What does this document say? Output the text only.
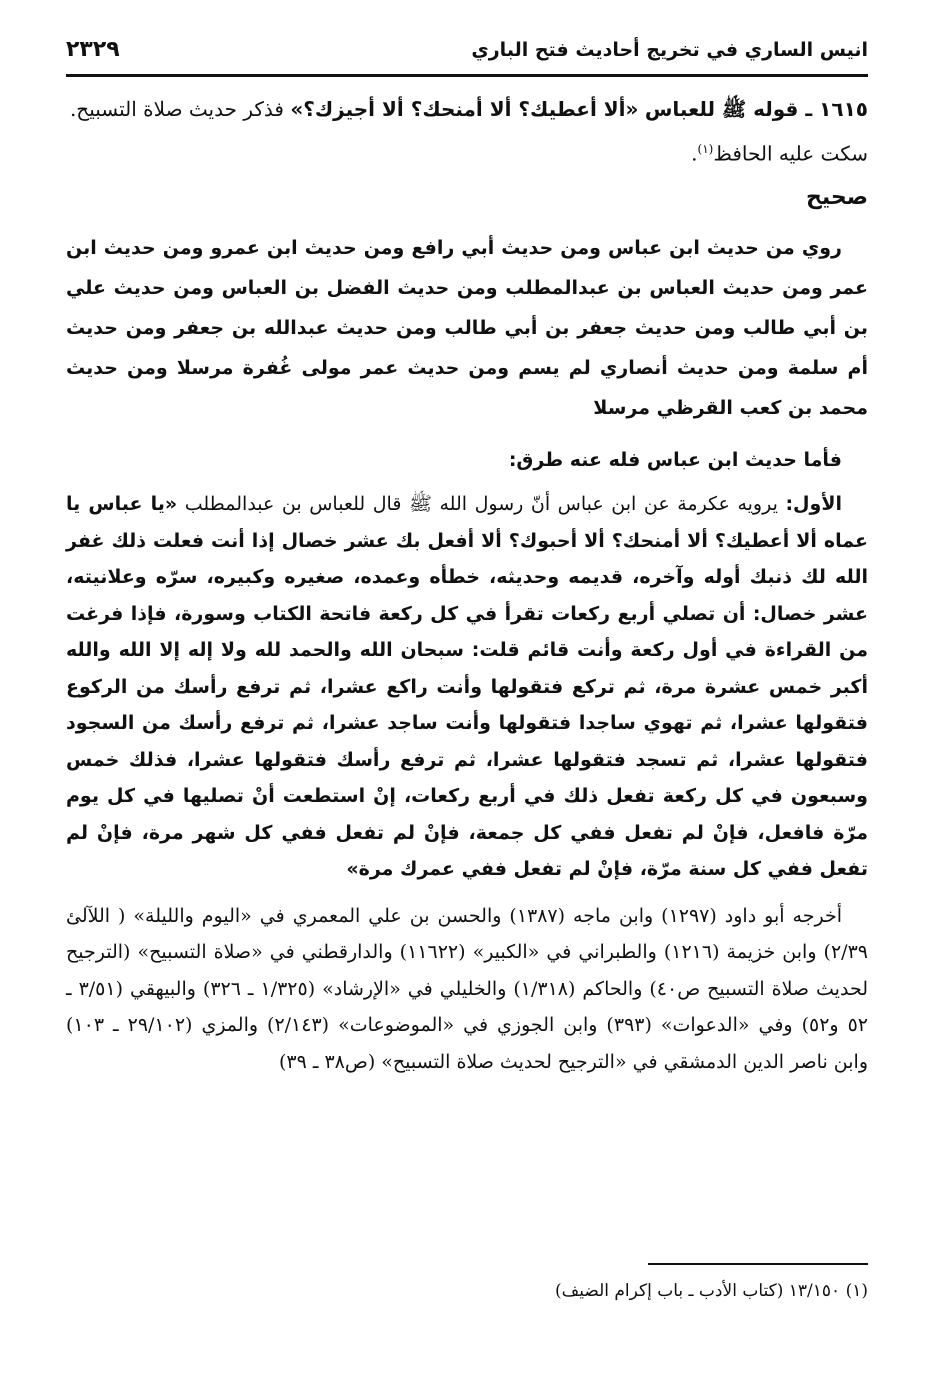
انيس الساري في تخريج أحاديث فتح الباري
٢٣٢٩
١٦١٥ ـ قوله ﷺ للعباس «ألا أعطيك؟ ألا أمنحك؟ ألا أجيزك؟» فذكر حديث صلاة التسبيح.
سكت عليه الحافظ$^{(١)}$.
صحيح
روي من حديث ابن عباس ومن حديث أبي رافع ومن حديث ابن عمرو ومن حديث ابن عمر ومن حديث العباس بن عبدالمطلب ومن حديث الفضل بن العباس ومن حديث علي بن أبي طالب ومن حديث جعفر بن أبي طالب ومن حديث عبدالله بن جعفر ومن حديث أم سلمة ومن حديث أنصاري لم يسم ومن حديث عمر مولى غُفرة مرسلا ومن حديث محمد بن كعب القرظي مرسلا
فأما حديث ابن عباس فله عنه طرق:
الأول: يرويه عكرمة عن ابن عباس أنّ رسول الله ﷺ قال للعباس بن عبدالمطلب «يا عباس يا عماه ألا أعطيك؟ ألا أمنحك؟ ألا أحبوك؟ ألا أفعل بك عشر خصال إذا أنت فعلت ذلك غفر الله لك ذنبك أوله وآخره، قديمه وحديثه، خطأه وعمده، صغيره وكبيره، سرّه وعلانيته، عشر خصال: أن تصلي أربع ركعات تقرأ في كل ركعة فاتحة الكتاب وسورة، فإذا فرغت من القراءة في أول ركعة وأنت قائم قلت: سبحان الله والحمد لله ولا إله إلا الله والله أكبر خمس عشرة مرة، ثم تركع فتقولها وأنت راكع عشرا، ثم ترفع رأسك من الركوع فتقولها عشرا، ثم تهوي ساجدا فتقولها وأنت ساجد عشرا، ثم ترفع رأسك من السجود فتقولها عشرا، ثم تسجد فتقولها عشرا، ثم ترفع رأسك فتقولها عشرا، فذلك خمس وسبعون في كل ركعة تفعل ذلك في أربع ركعات، إنْ استطعت أنْ تصليها في كل يوم مرّة فافعل، فإنْ لم تفعل ففي كل جمعة، فإنْ لم تفعل ففي كل شهر مرة، فإنْ لم تفعل ففي كل سنة مرّة، فإنْ لم تفعل ففي عمرك مرة»
أخرجه أبو داود (١٢٩٧) وابن ماجه (١٣٨٧) والحسن بن علي المعمري في «اليوم والليلة» ( اللآلئ ٢/٣٩) وابن خزيمة (١٢١٦) والطبراني في «الكبير» (١١٦٢٢) والدارقطني في «صلاة التسبيح» (الترجيح لحديث صلاة التسبيح ص٤٠) والحاكم (١/٣١٨) والخليلي في «الإرشاد» (١/٣٢٥ ـ ٣٢٦) والبيهقي (٣/٥١ ـ ٥٢ و٥٢) وفي «الدعوات» (٣٩٣) وابن الجوزي في «الموضوعات» (٢/١٤٣) والمزي (٢٩/١٠٢ ـ ١٠٣) وابن ناصر الدين الدمشقي في «الترجيح لحديث صلاة التسبيح» (ص٣٨ ـ ٣٩)
(١) ١٣/١٥٠ (كتاب الأدب ـ باب إكرام الضيف)
